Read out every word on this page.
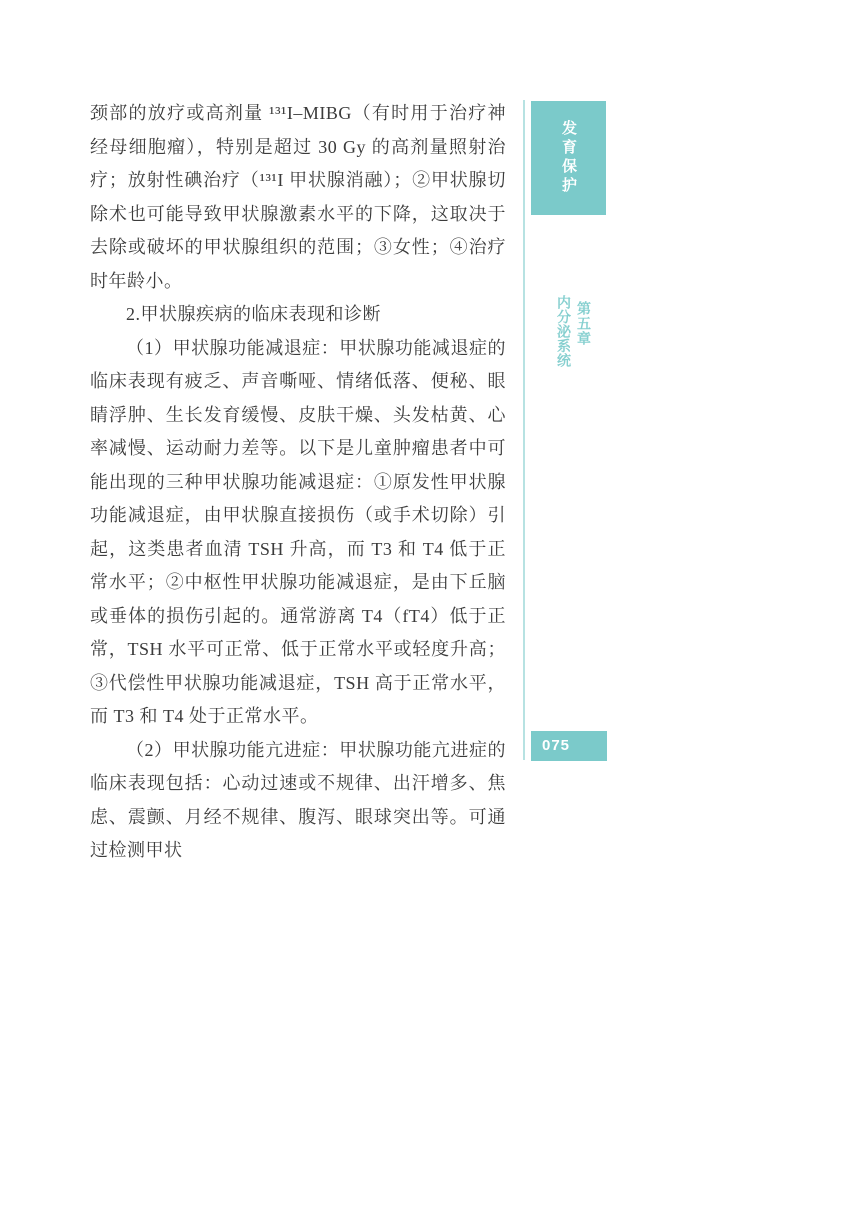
颈部的放疗或高剂量 ¹³¹I–MIBG（有时用于治疗神经母细胞瘤），特别是超过 30 Gy 的高剂量照射治疗；放射性碘治疗（¹³¹I 甲状腺消融）；②甲状腺切除术也可能导致甲状腺激素水平的下降，这取决于去除或破坏的甲状腺组织的范围；③女性；④治疗时年龄小。

2.甲状腺疾病的临床表现和诊断

（1）甲状腺功能减退症：甲状腺功能减退症的临床表现有疲乏、声音嘶哑、情绪低落、便秘、眼睛浮肿、生长发育缓慢、皮肤干燥、头发枯黄、心率减慢、运动耐力差等。以下是儿童肿瘤患者中可能出现的三种甲状腺功能减退症：①原发性甲状腺功能减退症，由甲状腺直接损伤（或手术切除）引起，这类患者血清 TSH 升高，而 T3 和 T4 低于正常水平；②中枢性甲状腺功能减退症，是由下丘脑或垂体的损伤引起的。通常游离 T4（fT4）低于正常，TSH 水平可正常、低于正常水平或轻度升高；③代偿性甲状腺功能减退症，TSH 高于正常水平，而 T3 和 T4 处于正常水平。

（2）甲状腺功能亢进症：甲状腺功能亢进症的临床表现包括：心动过速或不规律、出汗增多、焦虑、震颤、月经不规律、腹泻、眼球突出等。可通过检测甲状

发育保护
第五章
内分泌系统
075
